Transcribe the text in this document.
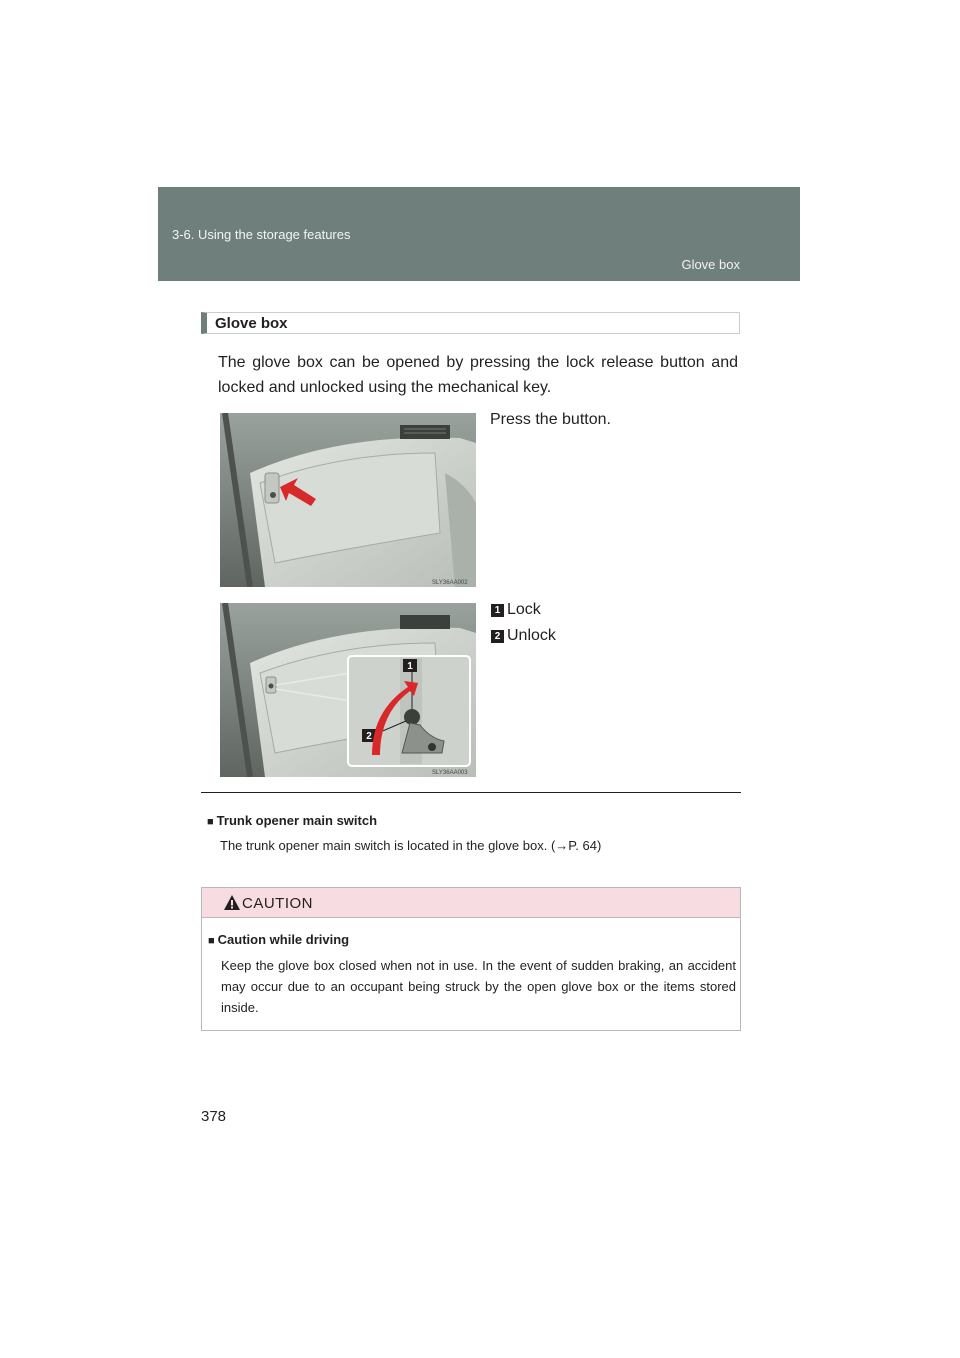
3-6. Using the storage features
Glove box
Glove box
The glove box can be opened by pressing the lock release button and locked and unlocked using the mechanical key.
SLY36AA002
Press the button.
1
2
SLY36AA003
1 Lock
2 Unlock
■ Trunk opener main switch
The trunk opener main switch is located in the glove box. (→P. 64)
CAUTION
■ Caution while driving
Keep the glove box closed when not in use. In the event of sudden braking, an accident may occur due to an occupant being struck by the open glove box or the items stored inside.
378
